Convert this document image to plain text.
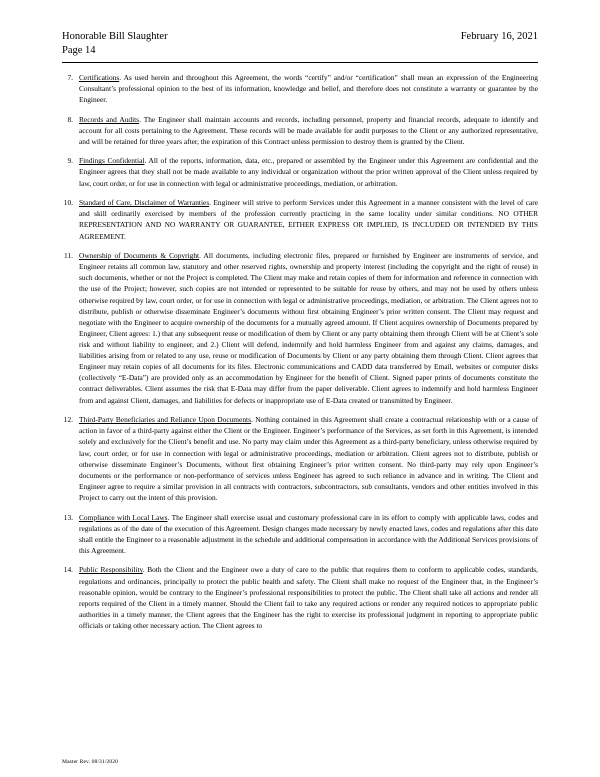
Honorable Bill Slaughter
Page 14
February 16, 2021
7. Certifications. As used herein and throughout this Agreement, the words “certify” and/or “certification” shall mean an expression of the Engineering Consultant’s professional opinion to the best of its information, knowledge and belief, and therefore does not constitute a warranty or guarantee by the Engineer.
8. Records and Audits. The Engineer shall maintain accounts and records, including personnel, property and financial records, adequate to identify and account for all costs pertaining to the Agreement. These records will be made available for audit purposes to the Client or any authorized representative, and will be retained for three years after, the expiration of this Contract unless permission to destroy them is granted by the Client.
9. Findings Confidential. All of the reports, information, data, etc., prepared or assembled by the Engineer under this Agreement are confidential and the Engineer agrees that they shall not be made available to any individual or organization without the prior written approval of the Client unless required by law, court order, or for use in connection with legal or administrative proceedings, mediation, or arbitration.
10. Standard of Care, Disclaimer of Warranties. Engineer will strive to perform Services under this Agreement in a manner consistent with the level of care and skill ordinarily exercised by members of the profession currently practicing in the same locality under similar conditions. NO OTHER REPRESENTATION AND NO WARRANTY OR GUARANTEE, EITHER EXPRESS OR IMPLIED, IS INCLUDED OR INTENDED BY THIS AGREEMENT.
11. Ownership of Documents & Copyright. All documents, including electronic files, prepared or furnished by Engineer are instruments of service, and Engineer retains all common law, statutory and other reserved rights, ownership and property interest (including the copyright and the right of reuse) in such documents, whether or not the Project is completed. The Client may make and retain copies of them for information and reference in connection with the use of the Project; however, such copies are not intended or represented to be suitable for reuse by others, and may not be used by others unless otherwise required by law, court order, or for use in connection with legal or administrative proceedings, mediation, or arbitration. The Client agrees not to distribute, publish or otherwise disseminate Engineer’s documents without first obtaining Engineer’s prior written consent. The Client may request and negotiate with the Engineer to acquire ownership of the documents for a mutually agreed amount. If Client acquires ownership of Documents prepared by Engineer, Client agrees: 1.) that any subsequent reuse or modification of them by Client or any party obtaining them through Client will be at Client’s sole risk and without liability to engineer, and 2.) Client will defend, indemnify and hold harmless Engineer from and against any claims, damages, and liabilities arising from or related to any use, reuse or modification of Documents by Client or any party obtaining them through Client. Client agrees that Engineer may retain copies of all documents for its files. Electronic communications and CADD data transferred by Email, websites or computer disks (collectively “E-Data”) are provided only as an accommodation by Engineer for the benefit of Client. Signed paper prints of documents constitute the contract deliverables. Client assumes the risk that E-Data may differ from the paper deliverable. Client agrees to indemnify and hold harmless Engineer from and against Client, damages, and liabilities for defects or inappropriate use of E-Data created or transmitted by Engineer.
12. Third-Party Beneficiaries and Reliance Upon Documents. Nothing contained in this Agreement shall create a contractual relationship with or a cause of action in favor of a third-party against either the Client or the Engineer. Engineer’s performance of the Services, as set forth in this Agreement, is intended solely and exclusively for the Client’s benefit and use. No party may claim under this Agreement as a third-party beneficiary, unless otherwise required by law, court order, or for use in connection with legal or administrative proceedings, mediation or arbitration. Client agrees not to distribute, publish or otherwise disseminate Engineer’s Documents, without first obtaining Engineer’s prior written consent. No third-party may rely upon Engineer’s documents or the performance or non-performance of services unless Engineer has agreed to such reliance in advance and in writing. The Client and Engineer agree to require a similar provision in all contracts with contractors, subcontractors, sub consultants, vendors and other entities involved in this Project to carry out the intent of this provision.
13. Compliance with Local Laws. The Engineer shall exercise usual and customary professional care in its effort to comply with applicable laws, codes and regulations as of the date of the execution of this Agreement. Design changes made necessary by newly enacted laws, codes and regulations after this date shall entitle the Engineer to a reasonable adjustment in the schedule and additional compensation in accordance with the Additional Services provisions of this Agreement.
14. Public Responsibility. Both the Client and the Engineer owe a duty of care to the public that requires them to conform to applicable codes, standards, regulations and ordinances, principally to protect the public health and safety. The Client shall make no request of the Engineer that, in the Engineer’s reasonable opinion, would be contrary to the Engineer’s professional responsibilities to protect the public. The Client shall take all actions and render all reports required of the Client in a timely manner. Should the Client fail to take any required actions or render any required notices to appropriate public authorities in a timely manner, the Client agrees that the Engineer has the right to exercise its professional judgment in reporting to appropriate public officials or taking other necessary action. The Client agrees to
Master Rev. 08/31/2020
